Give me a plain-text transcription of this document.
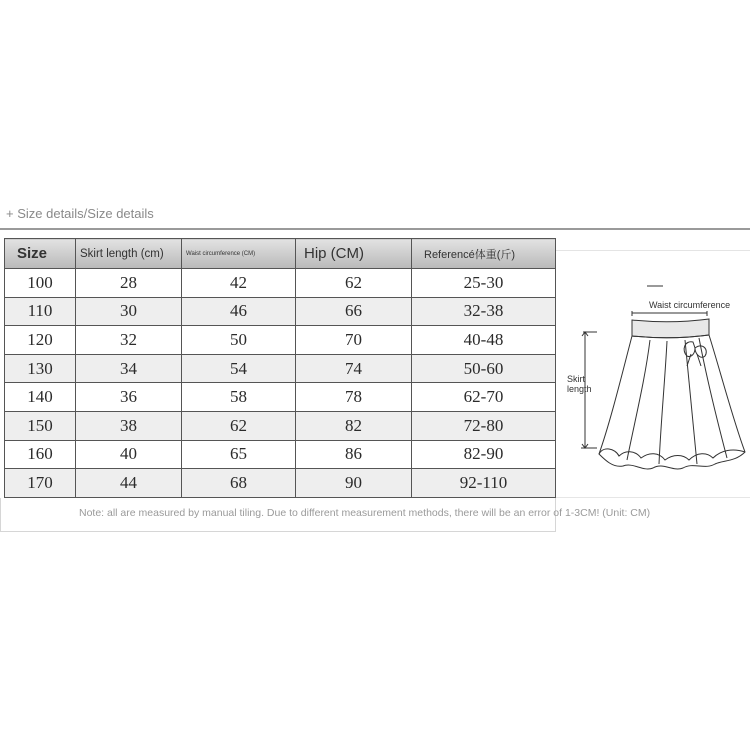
+ Size details/Size details
Size	Skirt length (cm)	Waist circumference (CM)	Hip (CM)	Referencé体重(斤)
100	28	42	62	25-30
110	30	46	66	32-38
120	32	50	70	40-48
130	34	54	74	50-60
140	36	58	78	62-70
150	38	62	82	72-80
160	40	65	86	82-90
170	44	68	90	92-110
Note: all are measured by manual tiling. Due to different measurement methods, there will be an error of 1-3CM! (Unit: CM)
Waist circumference
Skirt
length
